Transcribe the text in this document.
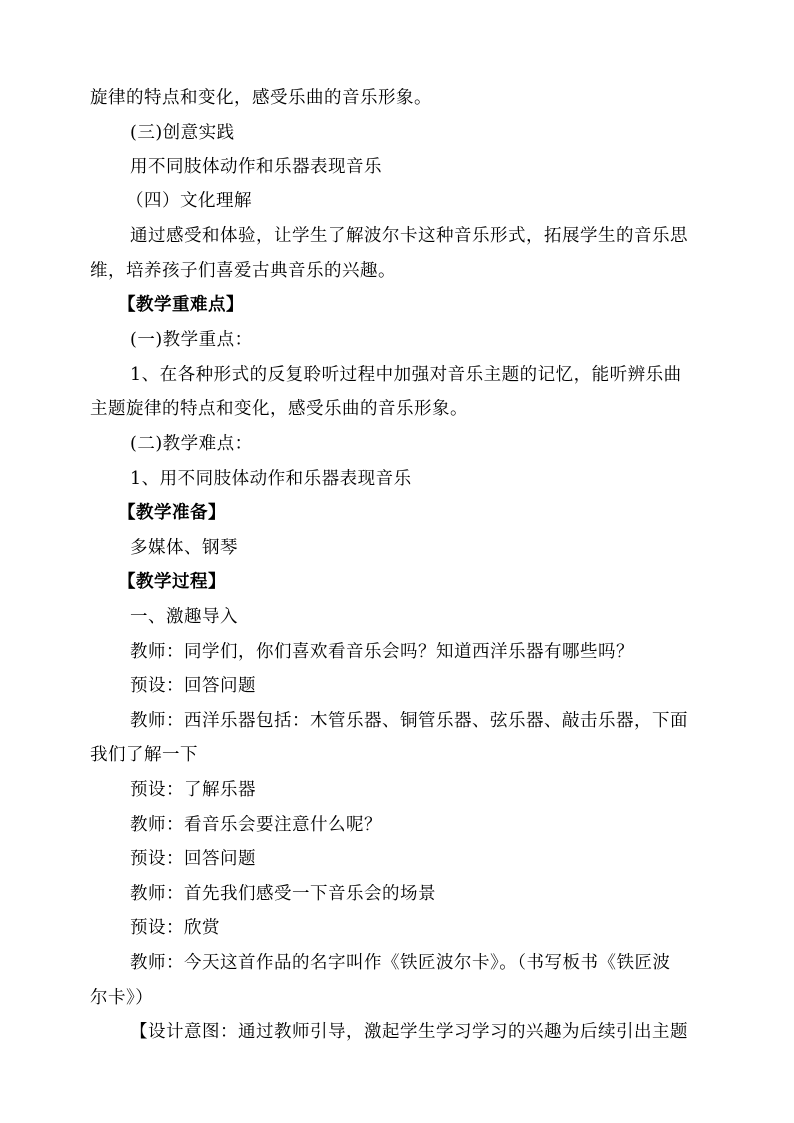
旋律的特点和变化，感受乐曲的音乐形象。
(三)创意实践
用不同肢体动作和乐器表现音乐
（四）文化理解
通过感受和体验，让学生了解波尔卡这种音乐形式，拓展学生的音乐思
维，培养孩子们喜爱古典音乐的兴趣。
【教学重难点】
(一)教学重点：
1、在各种形式的反复聆听过程中加强对音乐主题的记忆，能听辨乐曲
主题旋律的特点和变化，感受乐曲的音乐形象。
(二)教学难点：
1、用不同肢体动作和乐器表现音乐
【教学准备】
多媒体、钢琴
【教学过程】
一、激趣导入
教师：同学们，你们喜欢看音乐会吗？知道西洋乐器有哪些吗？
预设：回答问题
教师：西洋乐器包括：木管乐器、铜管乐器、弦乐器、敲击乐器，下面
我们了解一下
预设：了解乐器
教师：看音乐会要注意什么呢？
预设：回答问题
教师：首先我们感受一下音乐会的场景
预设：欣赏
教师：今天这首作品的名字叫作《铁匠波尔卡》。（书写板书《铁匠波
尔卡》）
【设计意图：通过教师引导，激起学生学习学习的兴趣为后续引出主题
